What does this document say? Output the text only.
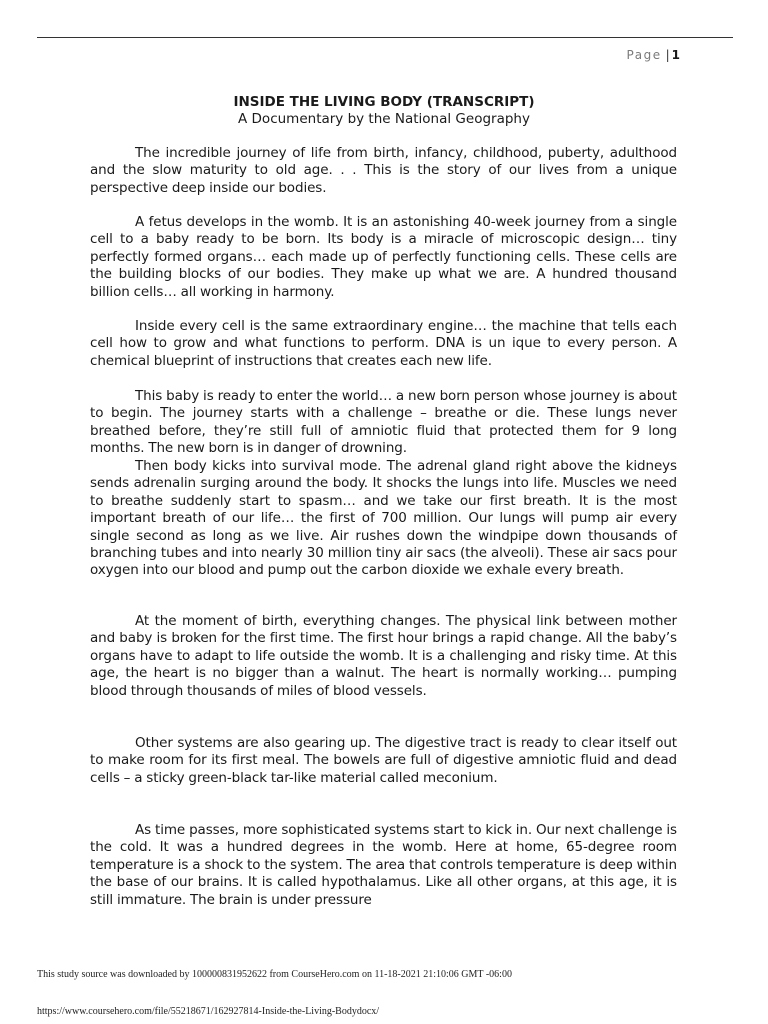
Page | 1
INSIDE THE LIVING BODY (TRANSCRIPT)
A Documentary by the National Geography

The incredible journey of life from birth, infancy, childhood, puberty, adulthood and the slow maturity to old age. . . This is the story of our lives from a unique perspective deep inside our bodies.

A fetus develops in the womb. It is an astonishing 40-week journey from a single cell to a baby ready to be born. Its body is a miracle of microscopic design… tiny perfectly formed organs… each made up of perfectly functioning cells. These cells are the building blocks of our bodies. They make up what we are. A hundred thousand billion cells… all working in harmony.

Inside every cell is the same extraordinary engine… the machine that tells each cell how to grow and what functions to perform. DNA is un ique to every person. A chemical blueprint of instructions that creates each new life.

This baby is ready to enter the world… a new born person whose journey is about to begin. The journey starts with a challenge – breathe or die. These lungs never breathed before, they’re still full of amniotic fluid that protected them for 9 long months. The new born is in danger of drowning.

Then body kicks into survival mode. The adrenal gland right above the kidneys sends adrenalin surging around the body. It shocks the lungs into life. Muscles we need to breathe suddenly start to spasm… and we take our first breath. It is the most important breath of our life… the first of 700 million. Our lungs will pump air every single second as long as we live. Air rushes down the windpipe down thousands of branching tubes and into nearly 30 million tiny air sacs (the alveoli). These air sacs pour oxygen into our blood and pump out the carbon dioxide we exhale every breath.

At the moment of birth, everything changes. The physical link between mother and baby is broken for the first time. The first hour brings a rapid change. All the baby’s organs have to adapt to life outside the womb. It is a challenging and risky time. At this age, the heart is no bigger than a walnut. The heart is normally working… pumping blood through thousands of miles of blood vessels.

Other systems are also gearing up. The digestive tract is ready to clear itself out to make room for its first meal. The bowels are full of digestive amniotic fluid and dead cells – a sticky green-black tar-like material called meconium.

As time passes, more sophisticated systems start to kick in. Our next challenge is the cold. It was a hundred degrees in the womb. Here at home, 65-degree room temperature is a shock to the system. The area that controls temperature is deep within the base of our brains. It is called hypothalamus. Like all other organs, at this age, it is still immature. The brain is under pressure

This study source was downloaded by 100000831952622 from CourseHero.com on 11-18-2021 21:10:06 GMT -06:00
https://www.coursehero.com/file/55218671/162927814-Inside-the-Living-Bodydocx/
